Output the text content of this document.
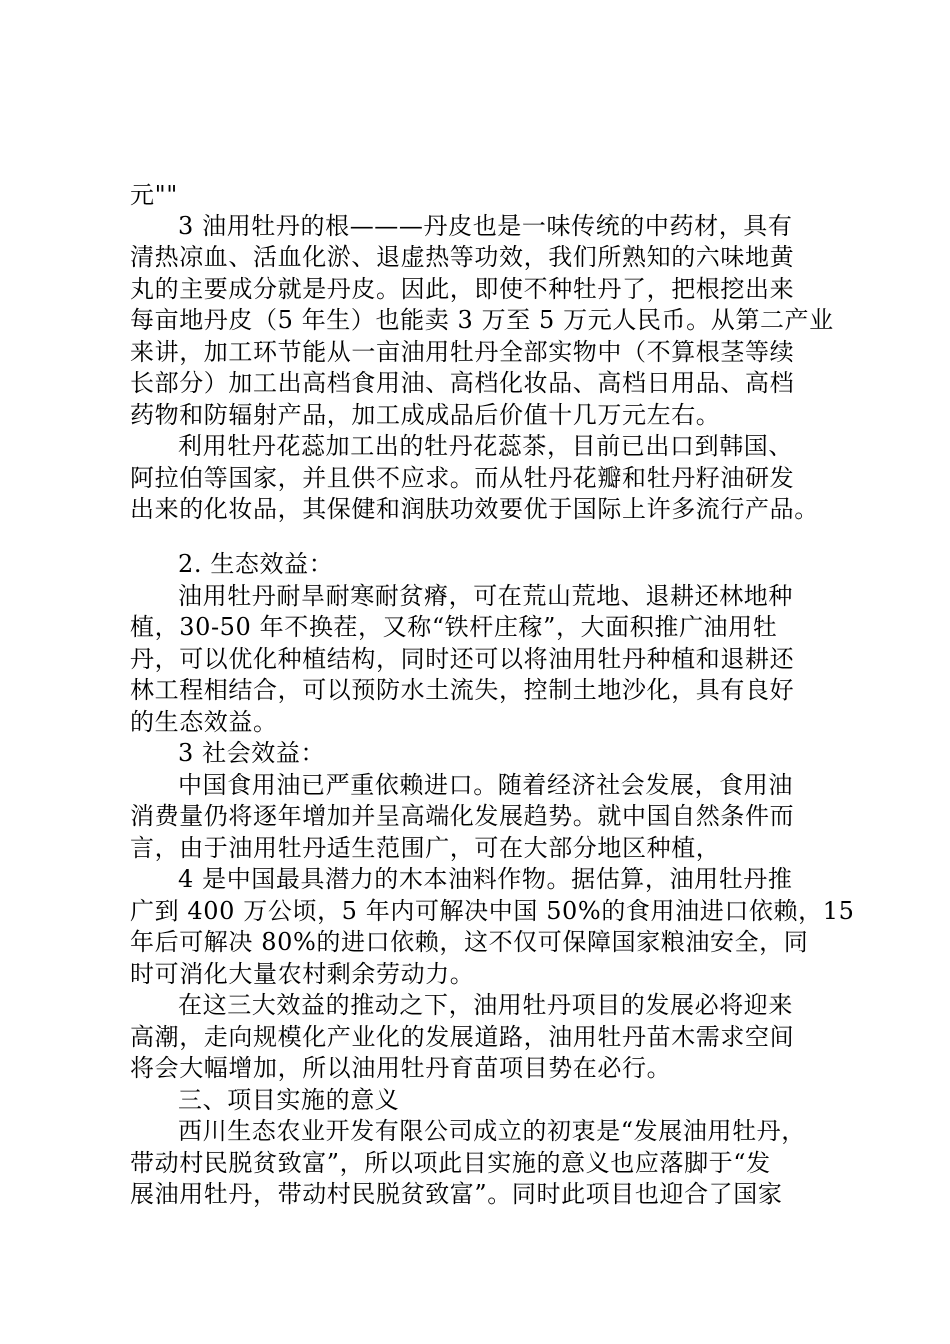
元""
3 油用牡丹的根———丹皮也是一味传统的中药材，具有
清热凉血、活血化淤、退虚热等功效，我们所熟知的六味地黄
丸的主要成分就是丹皮。因此，即使不种牡丹了，把根挖出来
每亩地丹皮（5 年生）也能卖 3 万至 5 万元人民币。从第二产业
来讲，加工环节能从一亩油用牡丹全部实物中（不算根茎等续
长部分）加工出高档食用油、高档化妆品、高档日用品、高档
药物和防辐射产品，加工成成品后价值十几万元左右。
利用牡丹花蕊加工出的牡丹花蕊茶，目前已出口到韩国、
阿拉伯等国家，并且供不应求。而从牡丹花瓣和牡丹籽油研发
出来的化妆品，其保健和润肤功效要优于国际上许多流行产品。
2. 生态效益：
油用牡丹耐旱耐寒耐贫瘠，可在荒山荒地、退耕还林地种
植，30-50 年不换茬，又称“铁杆庄稼”，大面积推广油用牡
丹，可以优化种植结构，同时还可以将油用牡丹种植和退耕还
林工程相结合，可以预防水土流失，控制土地沙化，具有良好
的生态效益。
3 社会效益：
中国食用油已严重依赖进口。随着经济社会发展，食用油
消费量仍将逐年增加并呈高端化发展趋势。就中国自然条件而
言，由于油用牡丹适生范围广，可在大部分地区种植，
4 是中国最具潜力的木本油料作物。据估算，油用牡丹推
广到 400 万公顷，5 年内可解决中国 50%的食用油进口依赖，15
年后可解决 80%的进口依赖，这不仅可保障国家粮油安全，同
时可消化大量农村剩余劳动力。
在这三大效益的推动之下，油用牡丹项目的发展必将迎来
高潮，走向规模化产业化的发展道路，油用牡丹苗木需求空间
将会大幅增加，所以油用牡丹育苗项目势在必行。
三、项目实施的意义
西川生态农业开发有限公司成立的初衷是“发展油用牡丹，
带动村民脱贫致富”，所以项此目实施的意义也应落脚于“发
展油用牡丹，带动村民脱贫致富”。同时此项目也迎合了国家
